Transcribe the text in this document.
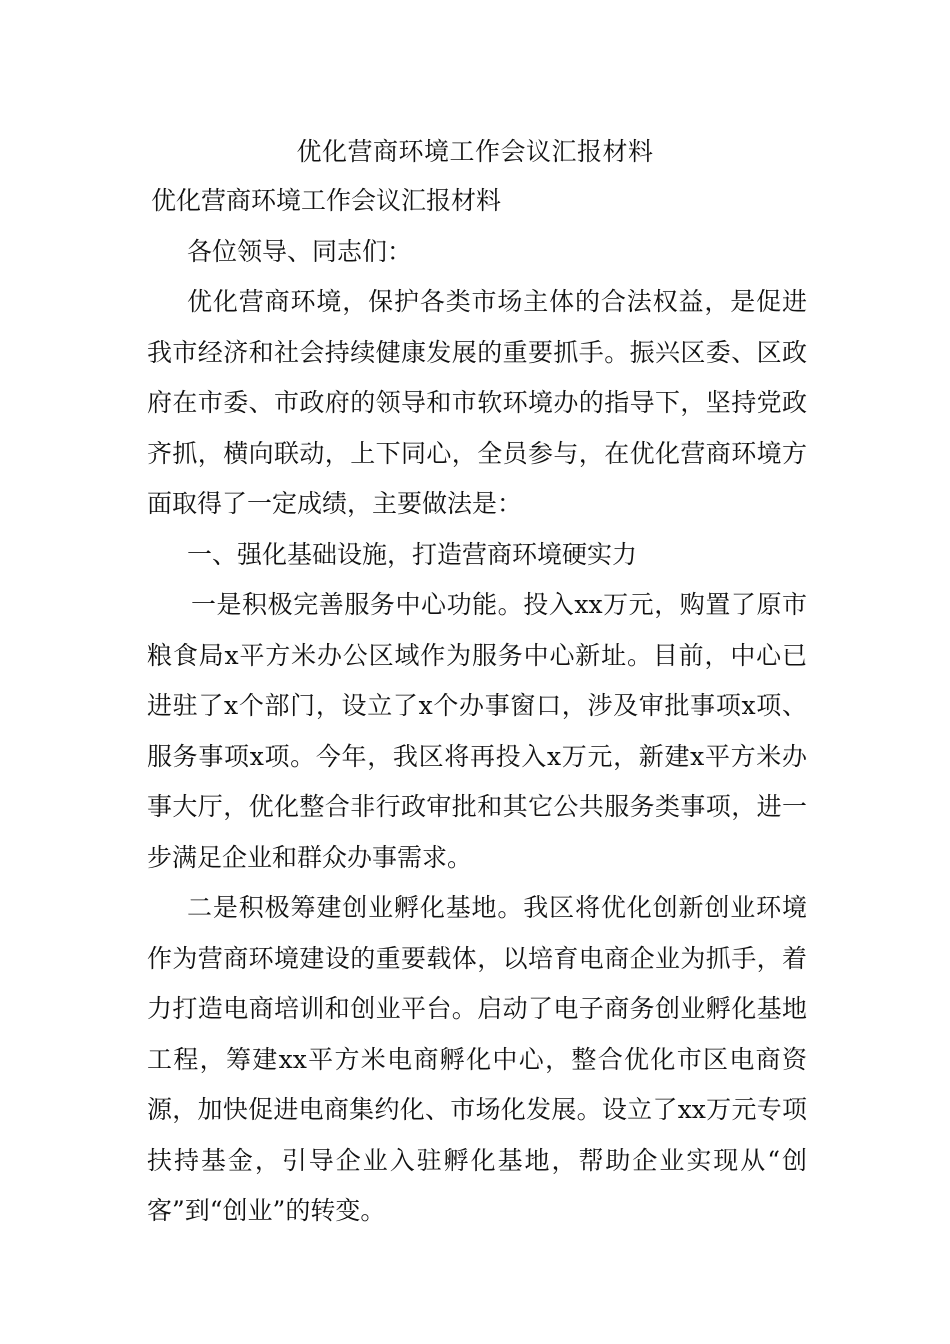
优化营商环境工作会议汇报材料

优化营商环境工作会议汇报材料

各位领导、同志们：

优化营商环境，保护各类市场主体的合法权益，是促进我市经济和社会持续健康发展的重要抓手。振兴区委、区政府在市委、市政府的领导和市软环境办的指导下，坚持党政齐抓，横向联动，上下同心，全员参与，在优化营商环境方面取得了一定成绩，主要做法是：

一、强化基础设施，打造营商环境硬实力

一是积极完善服务中心功能。投入xx万元，购置了原市粮食局x平方米办公区域作为服务中心新址。目前，中心已进驻了x个部门，设立了x个办事窗口，涉及审批事项x项、服务事项x项。今年，我区将再投入x万元，新建x平方米办事大厅，优化整合非行政审批和其它公共服务类事项，进一步满足企业和群众办事需求。

二是积极筹建创业孵化基地。我区将优化创新创业环境作为营商环境建设的重要载体，以培育电商企业为抓手，着力打造电商培训和创业平台。启动了电子商务创业孵化基地工程，筹建xx平方米电商孵化中心，整合优化市区电商资源，加快促进电商集约化、市场化发展。设立了xx万元专项扶持基金，引导企业入驻孵化基地，帮助企业实现从“创客”到“创业”的转变。
